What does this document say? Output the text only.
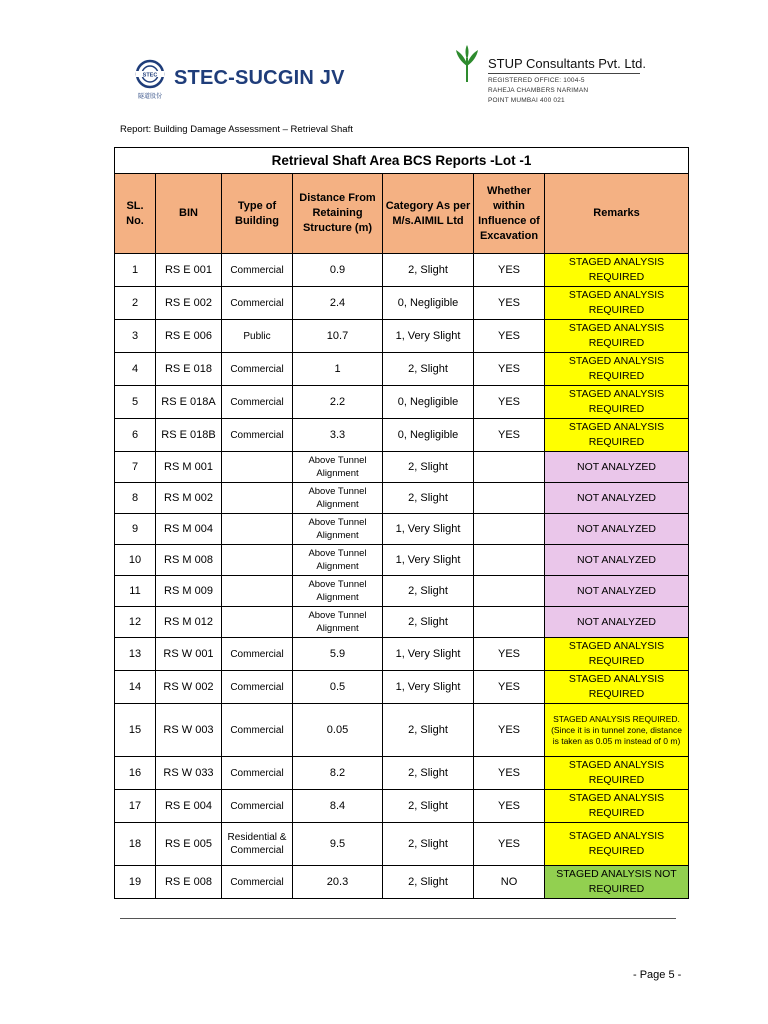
STEC
隧道股份
STEC-SUCGIN JV
STUP Consultants Pvt. Ltd.
REGISTERED OFFICE: 1004-5
RAHEJA CHAMBERS NARIMAN
POINT MUMBAI 400 021
Report: Building Damage Assessment – Retrieval Shaft
Retrieval Shaft Area BCS Reports -Lot -1						
SL. No.	BIN	Type of Building	Distance From Retaining Structure (m)	Category As per M/s.AIMIL Ltd	Whether within Influence of Excavation	Remarks
1	RS E 001	Commercial	0.9	2, Slight	YES	STAGED ANALYSIS REQUIRED
2	RS E 002	Commercial	2.4	0, Negligible	YES	STAGED ANALYSIS REQUIRED
3	RS E 006	Public	10.7	1, Very Slight	YES	STAGED ANALYSIS REQUIRED
4	RS E 018	Commercial	1	2, Slight	YES	STAGED ANALYSIS REQUIRED
5	RS E 018A	Commercial	2.2	0, Negligible	YES	STAGED ANALYSIS REQUIRED
6	RS E 018B	Commercial	3.3	0, Negligible	YES	STAGED ANALYSIS REQUIRED
7	RS M 001		Above Tunnel Alignment	2, Slight		NOT ANALYZED
8	RS M 002		Above Tunnel Alignment	2, Slight		NOT ANALYZED
9	RS M 004		Above Tunnel Alignment	1, Very Slight		NOT ANALYZED
10	RS M 008		Above Tunnel Alignment	1, Very Slight		NOT ANALYZED
11	RS M 009		Above Tunnel Alignment	2, Slight		NOT ANALYZED
12	RS M 012		Above Tunnel Alignment	2, Slight		NOT ANALYZED
13	RS W 001	Commercial	5.9	1, Very Slight	YES	STAGED ANALYSIS REQUIRED
14	RS W 002	Commercial	0.5	1, Very Slight	YES	STAGED ANALYSIS REQUIRED
15	RS W 003	Commercial	0.05	2, Slight	YES	STAGED ANALYSIS REQUIRED. (Since it is in tunnel zone, distance is taken as 0.05 m instead of 0 m)
16	RS W 033	Commercial	8.2	2, Slight	YES	STAGED ANALYSIS REQUIRED
17	RS E 004	Commercial	8.4	2, Slight	YES	STAGED ANALYSIS REQUIRED
18	RS E 005	Residential & Commercial	9.5	2, Slight	YES	STAGED ANALYSIS REQUIRED
19	RS E 008	Commercial	20.3	2, Slight	NO	STAGED ANALYSIS NOT REQUIRED
- Page 5 -
